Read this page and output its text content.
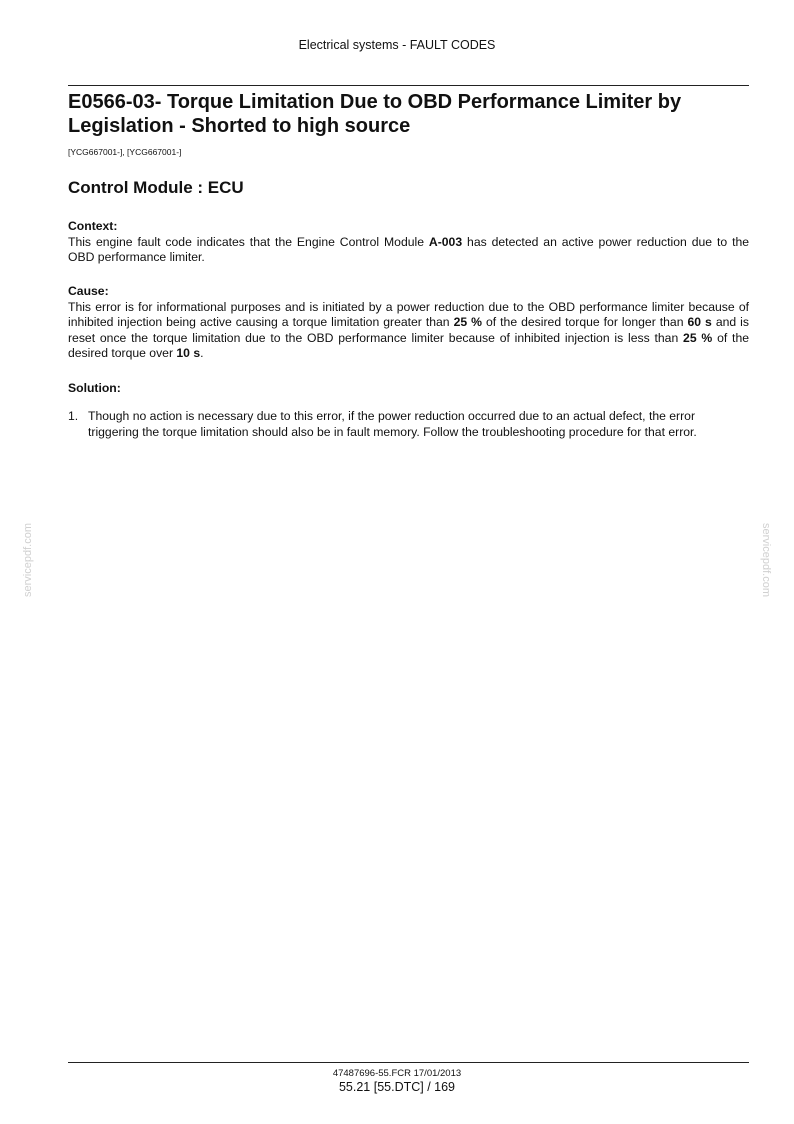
Electrical systems - FAULT CODES
E0566-03- Torque Limitation Due to OBD Performance Limiter by Legislation - Shorted to high source
[YCG667001-], [YCG667001-]
Control Module : ECU
Context:
This engine fault code indicates that the Engine Control Module A-003 has detected an active power reduction due to the OBD performance limiter.
Cause:
This error is for informational purposes and is initiated by a power reduction due to the OBD performance limiter because of inhibited injection being active causing a torque limitation greater than 25 % of the desired torque for longer than 60 s and is reset once the torque limitation due to the OBD performance limiter because of inhibited injection is less than 25 % of the desired torque over 10 s.
Solution:
1. Though no action is necessary due to this error, if the power reduction occurred due to an actual defect, the error triggering the torque limitation should also be in fault memory. Follow the troubleshooting procedure for that error.
servicepdf.com	servicepdf.com
47487696-55.FCR 17/01/2013
55.21 [55.DTC] / 169
